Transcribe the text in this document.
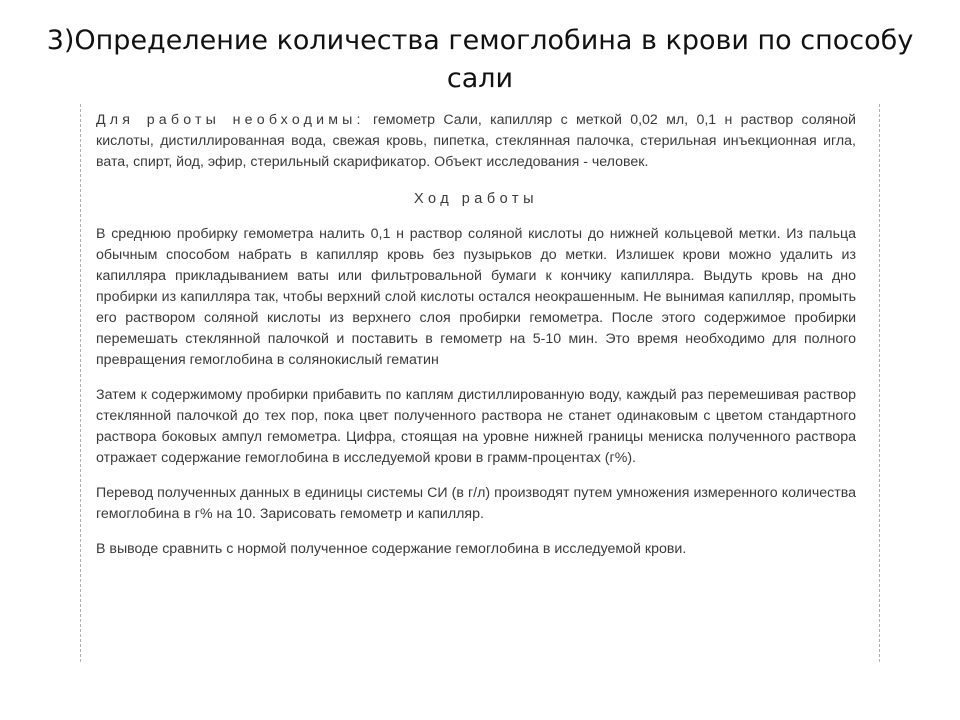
3)Определение количества гемоглобина в крови по способу
сали

Для работы необходимы: гемометр Сали, капилляр с меткой 0,02 мл, 0,1 н раствор соляной кислоты, дистиллированная вода, свежая кровь, пипетка, стеклянная палочка, стерильная инъекционная игла, вата, спирт, йод, эфир, стерильный скарификатор. Объект исследования - человек.

Ход работы

В среднюю пробирку гемометра налить 0,1 н раствор соляной кислоты до нижней кольцевой метки. Из пальца обычным способом набрать в капилляр кровь без пузырьков до метки. Излишек крови можно удалить из капилляра прикладыванием ваты или фильтровальной бумаги к кончику капилляра. Выдуть кровь на дно пробирки из капилляра так, чтобы верхний слой кислоты остался неокрашенным. Не вынимая капилляр, промыть его раствором соляной кислоты из верхнего слоя пробирки гемометра. После этого содержимое пробирки перемешать стеклянной палочкой и поставить в гемометр на 5-10 мин. Это время необходимо для полного превращения гемоглобина в солянокислый гематин

Затем к содержимому пробирки прибавить по каплям дистиллированную воду, каждый раз перемешивая раствор стеклянной палочкой до тех пор, пока цвет полученного раствора не станет одинаковым с цветом стандартного раствора боковых ампул гемометра. Цифра, стоящая на уровне нижней границы мениска полученного раствора отражает содержание гемоглобина в исследуемой крови в грамм-процентах (г%).

Перевод полученных данных в единицы системы СИ (в г/л) производят путем умножения измеренного количества гемоглобина в г% на 10. Зарисовать гемометр и капилляр.

В выводе сравнить с нормой полученное содержание гемоглобина в исследуемой крови.
